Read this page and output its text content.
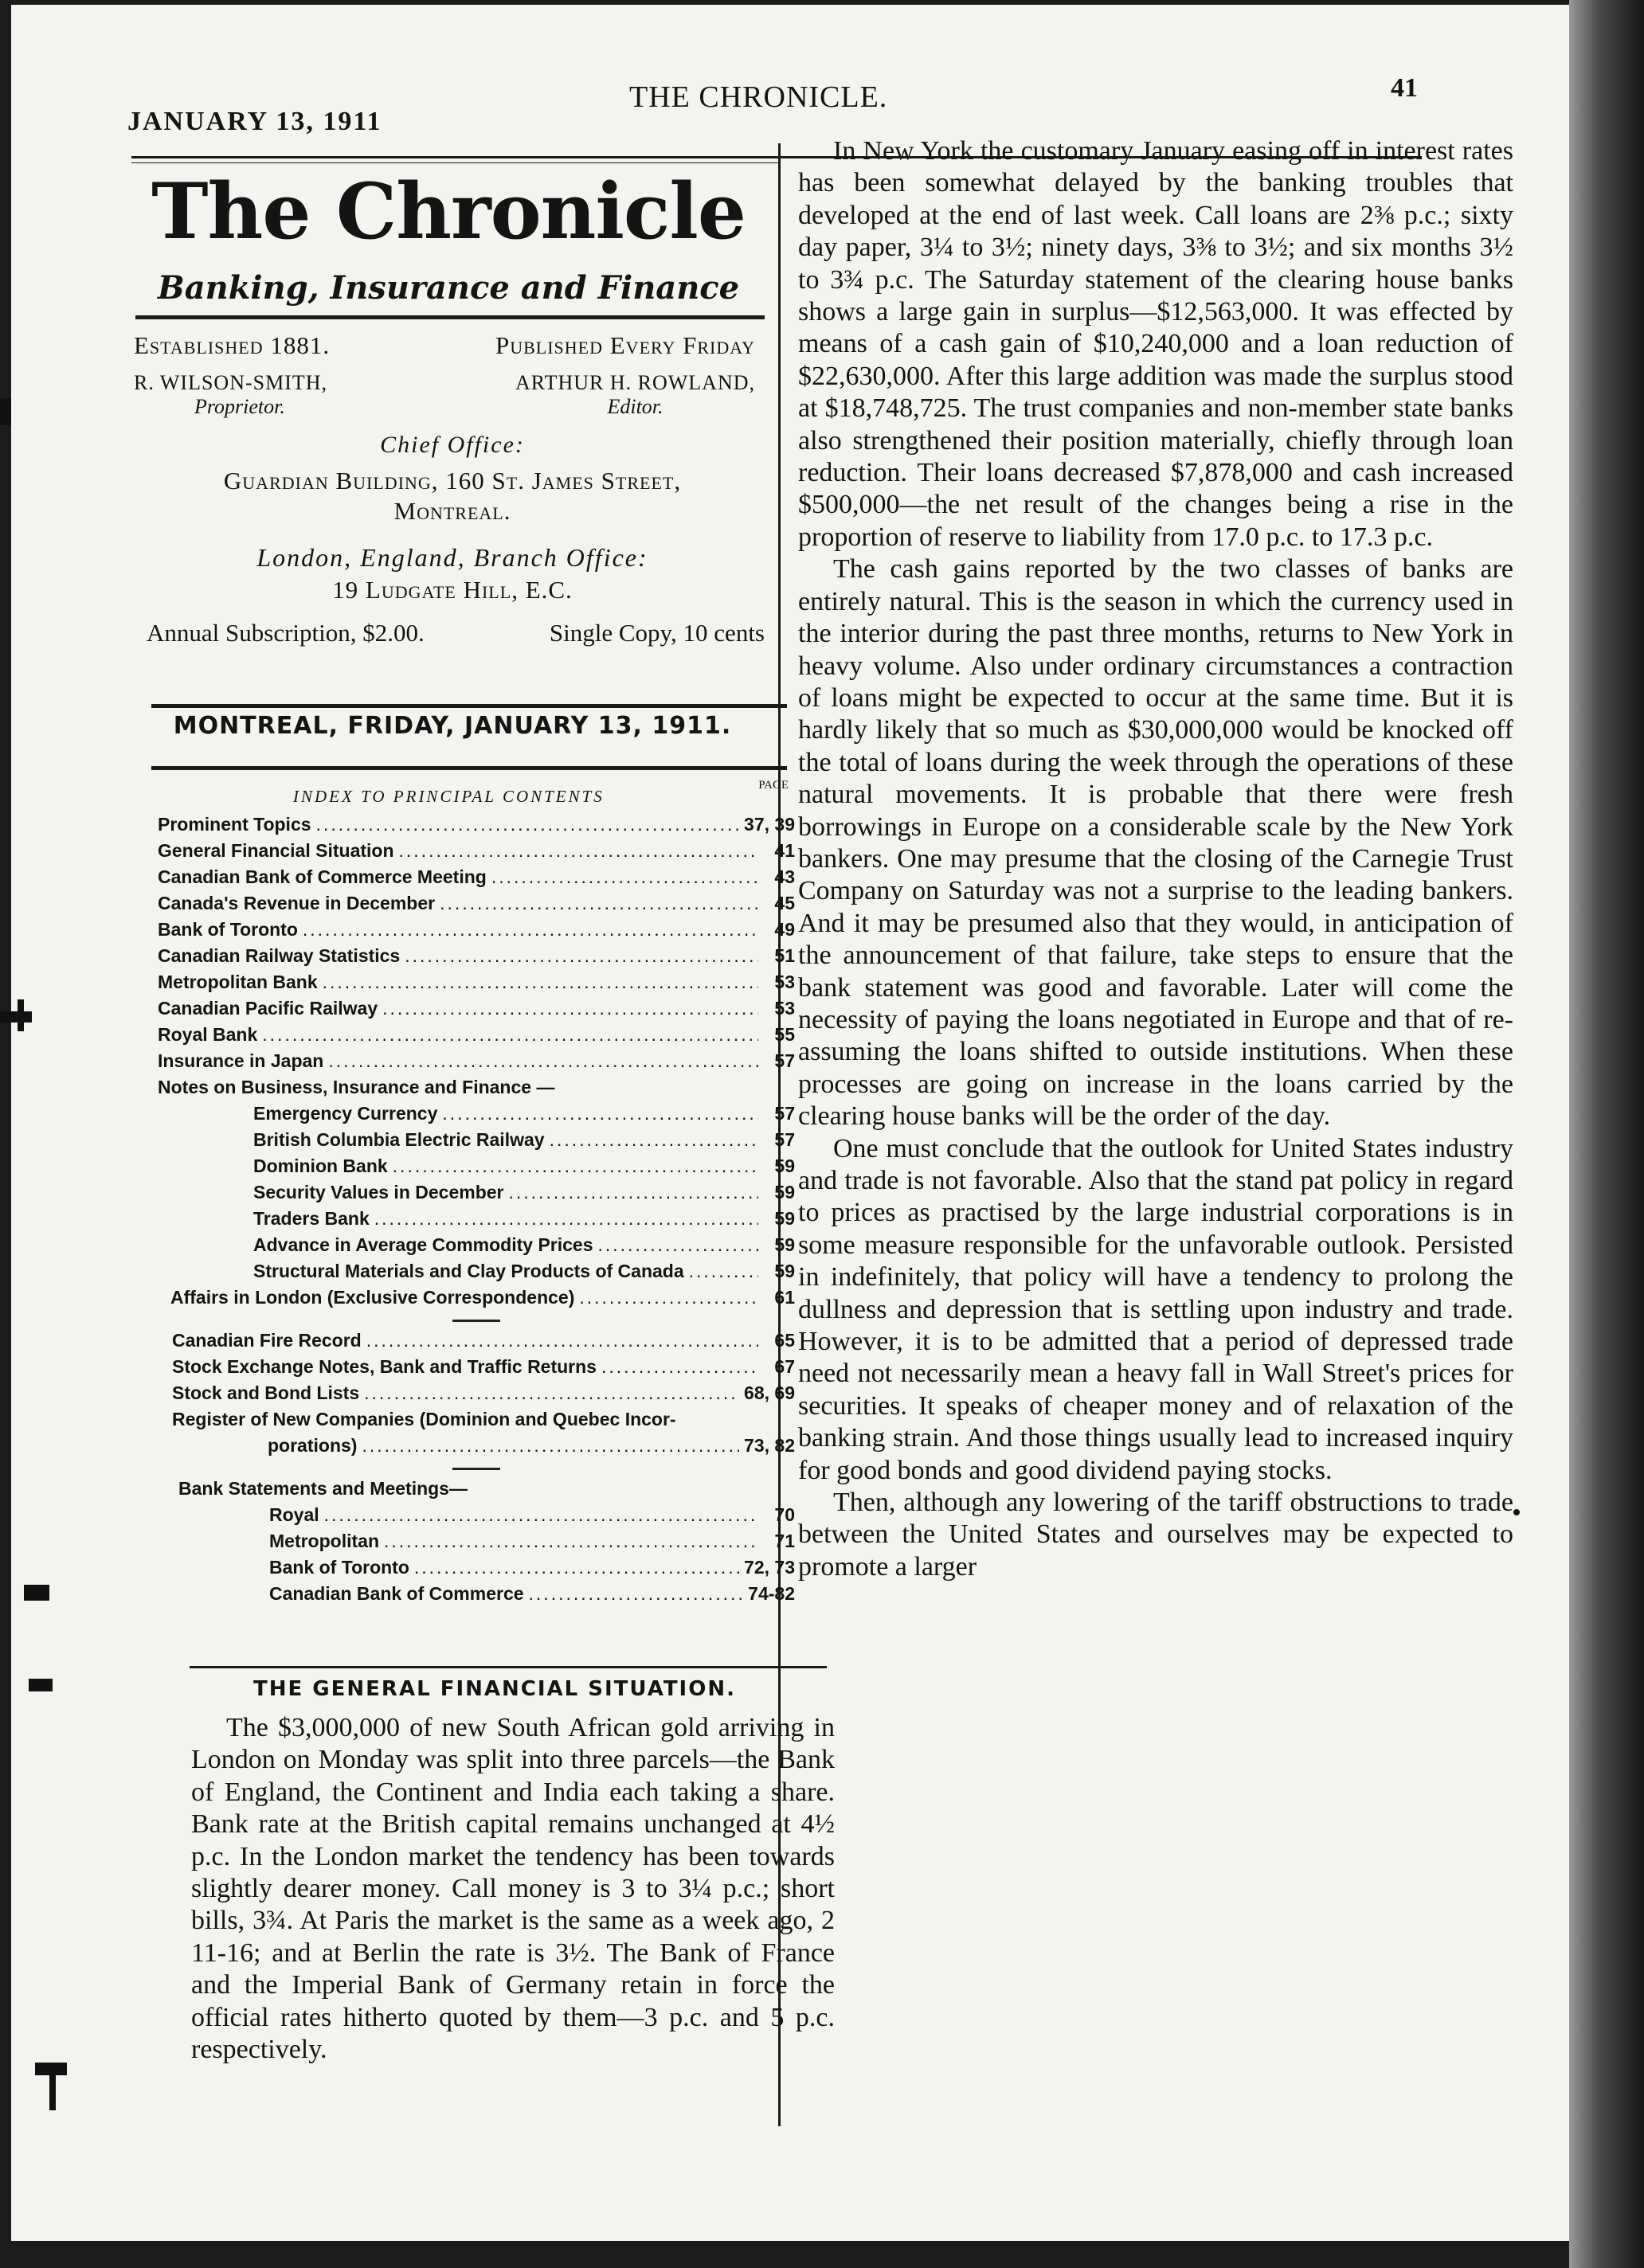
JANUARY 13, 1911
THE CHRONICLE.	41
The Chronicle
Banking, Insurance and Finance
Established 1881.	Published Every Friday
R. WILSON-SMITH,
Proprietor.
ARTHUR H. ROWLAND,
Editor.
Chief Office:
Guardian Building, 160 St. James Street,
Montreal.
London, England, Branch Office:
19 Ludgate Hill, E.C.
Annual Subscription, $2.00.	Single Copy, 10 cents
MONTREAL, FRIDAY, JANUARY 13, 1911.
INDEX TO PRINCIPAL CONTENTS
PAGE
Prominent Topics .....	37, 39
General Financial Situation .....	41
Canadian Bank of Commerce Meeting .....	43
Canada's Revenue in December .....	45
Bank of Toronto .....	49
Canadian Railway Statistics .....	51
Metropolitan Bank .....	53
Canadian Pacific Railway .....	53
Royal Bank .....	55
Insurance in Japan .....	57
Notes on Business, Insurance and Finance —
Emergency Currency .....	57
British Columbia Electric Railway .....	57
Dominion Bank .....	59
Security Values in December .....	59
Traders Bank .....	59
Advance in Average Commodity Prices .....	59
Structural Materials and Clay Products of Canada .....	59
Affairs in London (Exclusive Correspondence) .....	61
Canadian Fire Record .....	65
Stock Exchange Notes, Bank and Traffic Returns .....	67
Stock and Bond Lists .....	68, 69
Register of New Companies (Dominion and Quebec Incor-
porations) .....	73, 82
Bank Statements and Meetings—
Royal .....	70
Metropolitan .....	71
Bank of Toronto .....	72, 73
Canadian Bank of Commerce .....	74-82
THE GENERAL FINANCIAL SITUATION.

The $3,000,000 of new South African gold arriving in London on Monday was split into three parcels—the Bank of England, the Continent and India each taking a share. Bank rate at the British capital remains unchanged at 4½ p.c. In the London market the tendency has been towards slightly dearer money. Call money is 3 to 3¼ p.c.; short bills, 3¾. At Paris the market is the same as a week ago, 2 11-16; and at Berlin the rate is 3½. The Bank of France and the Imperial Bank of Germany retain in force the official rates hitherto quoted by them—3 p.c. and 5 p.c. respectively.

In New York the customary January easing off in interest rates has been somewhat delayed by the banking troubles that developed at the end of last week. Call loans are 2⅜ p.c.; sixty day paper, 3¼ to 3½; ninety days, 3⅜ to 3½; and six months 3½ to 3¾ p.c. The Saturday statement of the clearing house banks shows a large gain in surplus—$12,563,000. It was effected by means of a cash gain of $10,240,000 and a loan reduction of $22,630,000. After this large addition was made the surplus stood at $18,748,725. The trust companies and non-member state banks also strengthened their position materially, chiefly through loan reduction. Their loans decreased $7,878,000 and cash increased $500,000—the net result of the changes being a rise in the proportion of reserve to liability from 17.0 p.c. to 17.3 p.c.

The cash gains reported by the two classes of banks are entirely natural. This is the season in which the currency used in the interior during the past three months, returns to New York in heavy volume. Also under ordinary circumstances a contraction of loans might be expected to occur at the same time. But it is hardly likely that so much as $30,000,000 would be knocked off the total of loans during the week through the operations of these natural movements. It is probable that there were fresh borrowings in Europe on a considerable scale by the New York bankers. One may presume that the closing of the Carnegie Trust Company on Saturday was not a surprise to the leading bankers. And it may be presumed also that they would, in anticipation of the announcement of that failure, take steps to ensure that the bank statement was good and favorable. Later will come the necessity of paying the loans negotiated in Europe and that of re-assuming the loans shifted to outside institutions. When these processes are going on increase in the loans carried by the clearing house banks will be the order of the day.

One must conclude that the outlook for United States industry and trade is not favorable. Also that the stand pat policy in regard to prices as practised by the large industrial corporations is in some measure responsible for the unfavorable outlook. Persisted in indefinitely, that policy will have a tendency to prolong the dullness and depression that is settling upon industry and trade. However, it is to be admitted that a period of depressed trade need not necessarily mean a heavy fall in Wall Street's prices for securities. It speaks of cheaper money and of relaxation of the banking strain. And those things usually lead to increased inquiry for good bonds and good dividend paying stocks.

Then, although any lowering of the tariff obstructions to trade between the United States and ourselves may be expected to promote a larger
